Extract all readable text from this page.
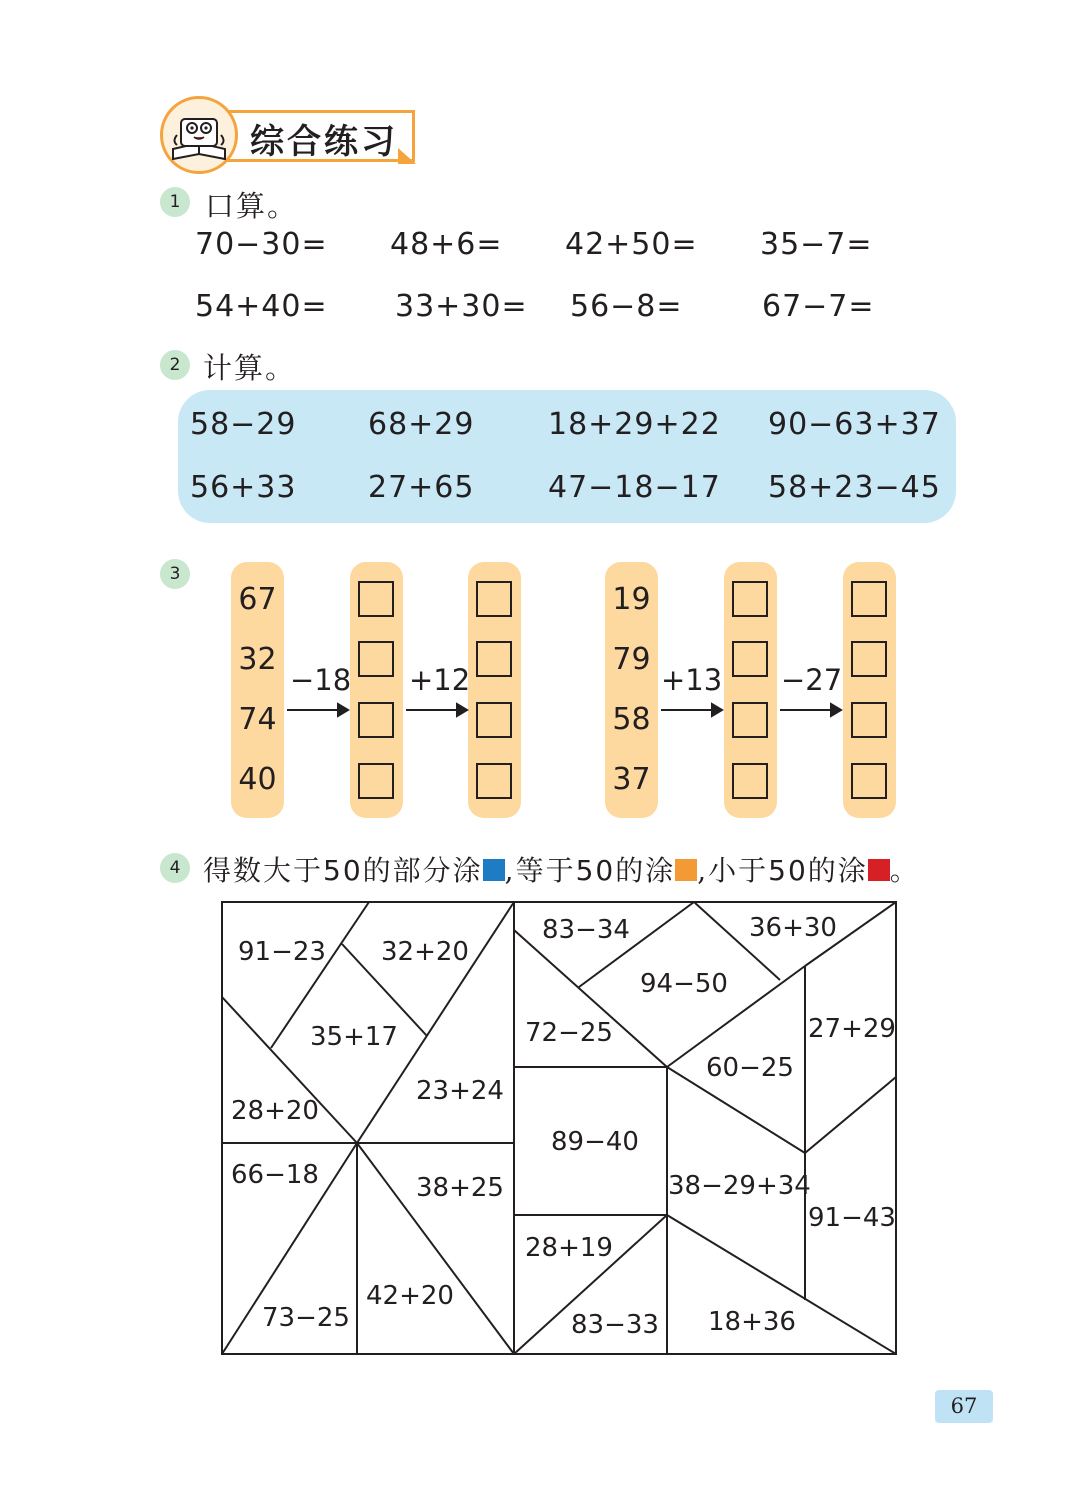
综合练习
1 口算。
70−30= 48+6= 42+50= 35−7=
54+40= 33+30= 56−8=	67−7=
2 计算。
58−29 68+29 18+29+22 90−63+37
56+33 27+65 47−18−17 58+23−45
3
67
32
74
40
−18 +12
19
79
58
37
+13 −27
4 得数大于50的部分涂 ,等于50的涂 ,小于50的涂 。
91−23 32+20
35+17
28+20
23+24
66−18	38+25
73−25
42+20
83−34	36+30
94−50
72−25	27+29
60−25
89−40
38−29+34
91−43
28+19
83−33 18+36
67
